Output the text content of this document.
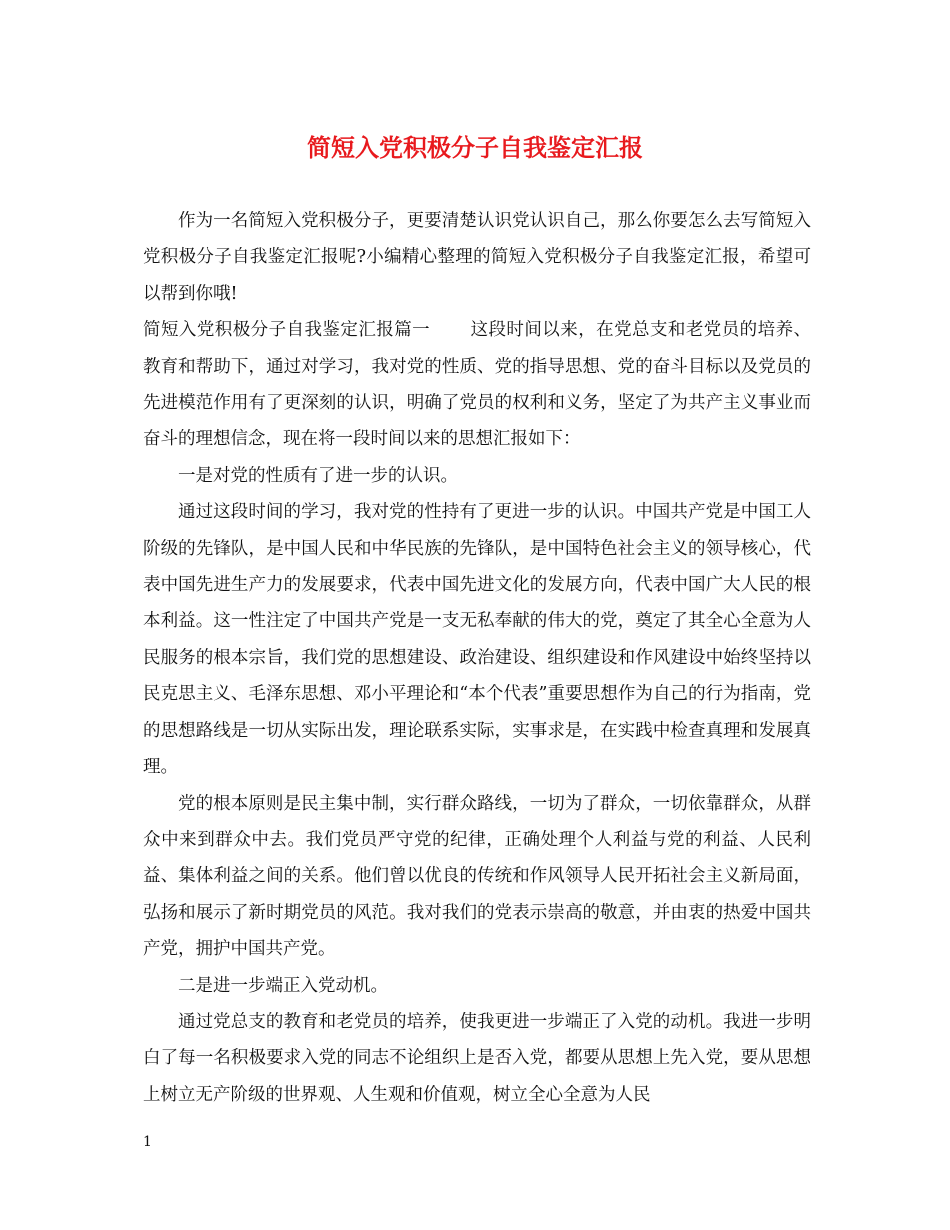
简短入党积极分子自我鉴定汇报

作为一名简短入党积极分子，更要清楚认识党认识自己，那么你要怎么去写简短入党积极分子自我鉴定汇报呢?小编精心整理的简短入党积极分子自我鉴定汇报，希望可以帮到你哦!

简短入党积极分子自我鉴定汇报篇一 这段时间以来，在党总支和老党员的培养、教育和帮助下，通过对学习，我对党的性质、党的指导思想、党的奋斗目标以及党员的先进模范作用有了更深刻的认识，明确了党员的权利和义务，坚定了为共产主义事业而奋斗的理想信念，现在将一段时间以来的思想汇报如下：

一是对党的性质有了进一步的认识。

通过这段时间的学习，我对党的性持有了更进一步的认识。中国共产党是中国工人阶级的先锋队，是中国人民和中华民族的先锋队，是中国特色社会主义的领导核心，代表中国先进生产力的发展要求，代表中国先进文化的发展方向，代表中国广大人民的根本利益。这一性注定了中国共产党是一支无私奉献的伟大的党，奠定了其全心全意为人民服务的根本宗旨，我们党的思想建设、政治建设、组织建设和作风建设中始终坚持以民克思主义、毛泽东思想、邓小平理论和“本个代表”重要思想作为自己的行为指南，党的思想路线是一切从实际出发，理论联系实际，实事求是，在实践中检查真理和发展真理。

党的根本原则是民主集中制，实行群众路线，一切为了群众，一切依靠群众，从群众中来到群众中去。我们党员严守党的纪律，正确处理个人利益与党的利益、人民利益、集体利益之间的关系。他们曾以优良的传统和作风领导人民开拓社会主义新局面，弘扬和展示了新时期党员的风范。我对我们的党表示崇高的敬意，并由衷的热爱中国共产党，拥护中国共产党。

二是进一步端正入党动机。

通过党总支的教育和老党员的培养，使我更进一步端正了入党的动机。我进一步明白了每一名积极要求入党的同志不论组织上是否入党，都要从思想上先入党，要从思想上树立无产阶级的世界观、人生观和价值观，树立全心全意为人民

1
